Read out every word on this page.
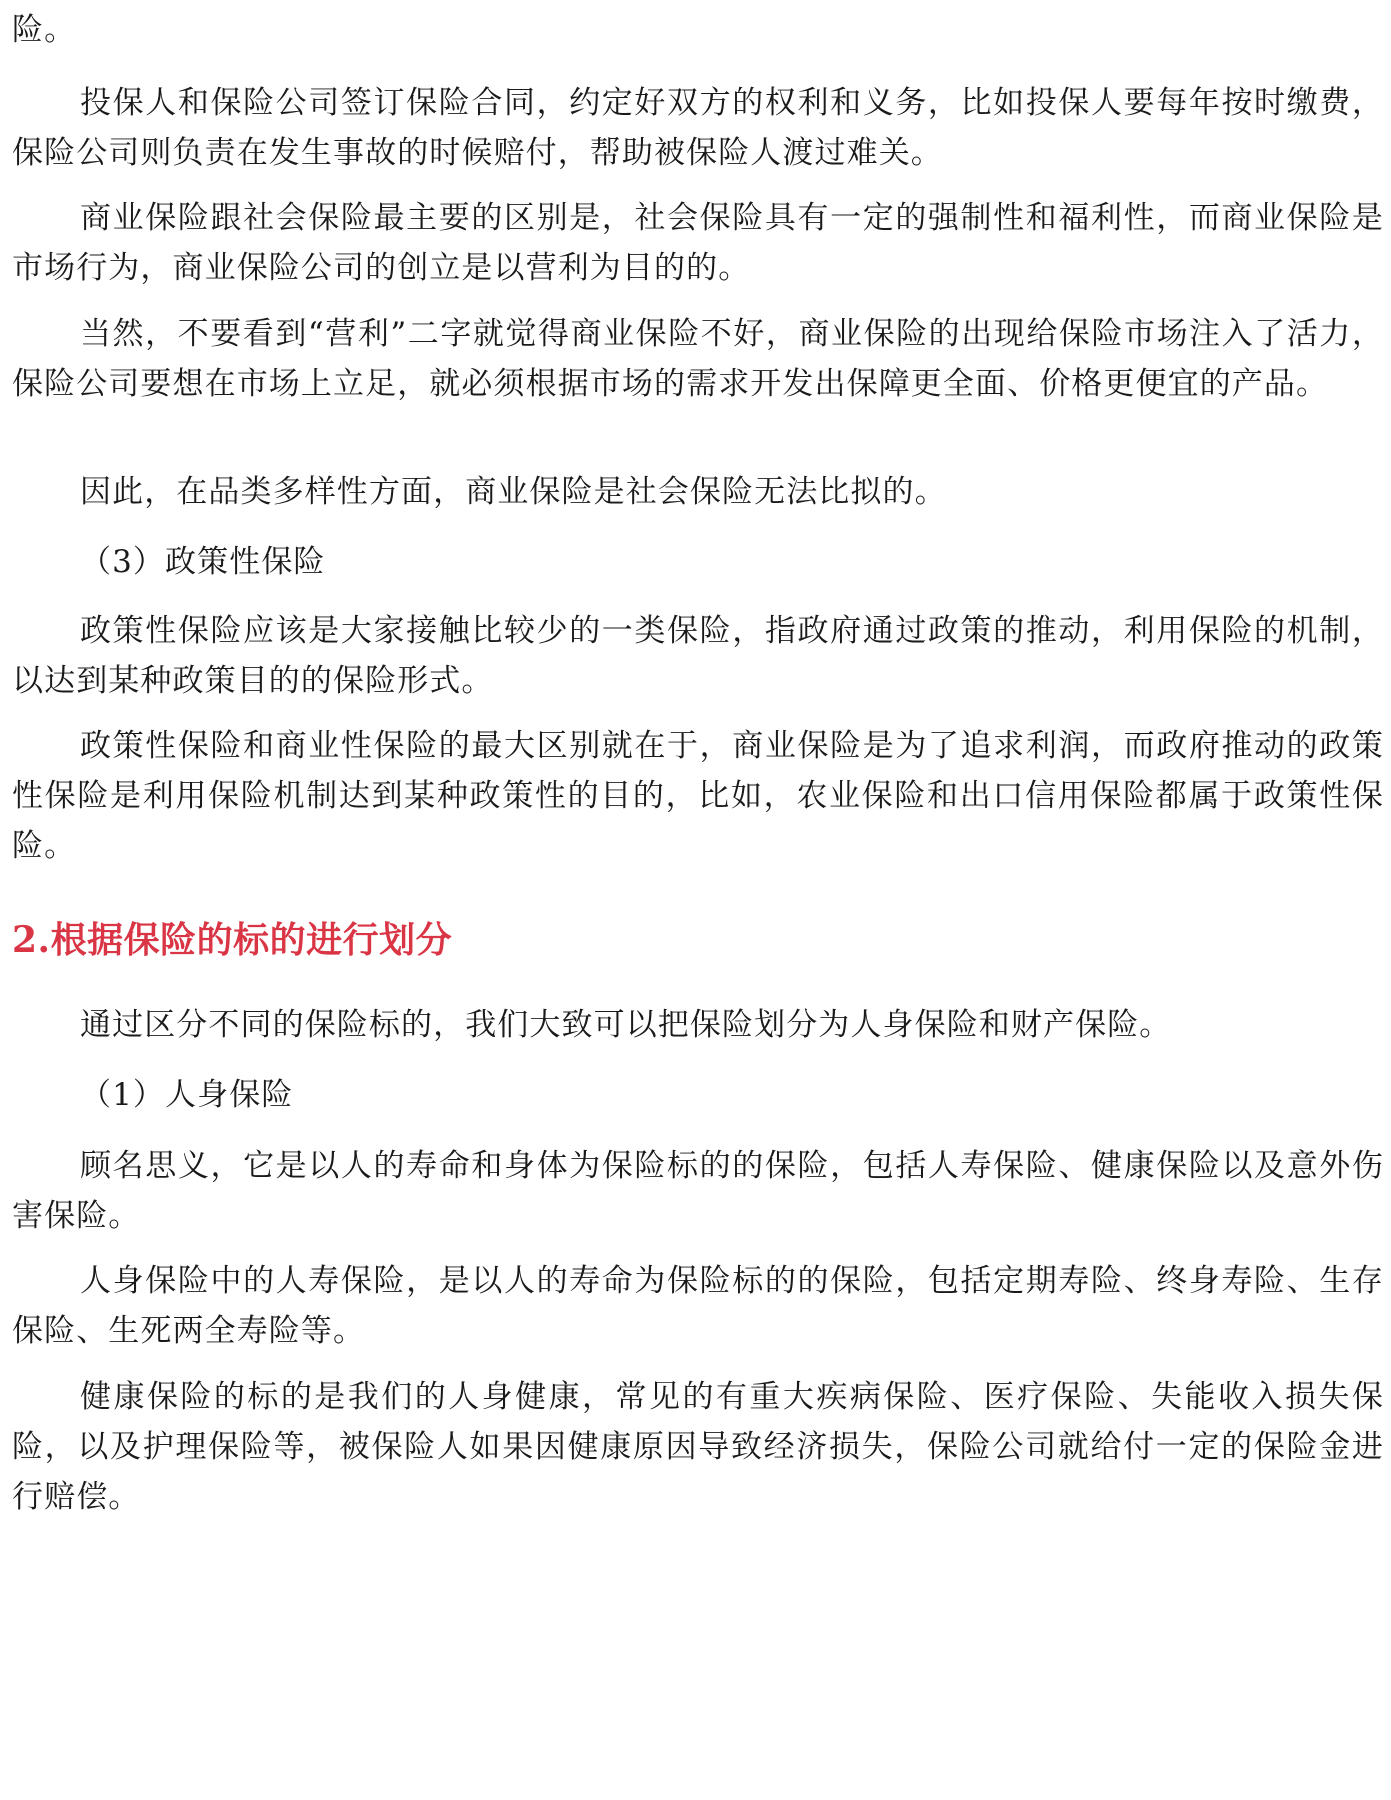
险。

投保人和保险公司签订保险合同，约定好双方的权利和义务，比如投保人要每年按时缴费，保险公司则负责在发生事故的时候赔付，帮助被保险人渡过难关。

商业保险跟社会保险最主要的区别是，社会保险具有一定的强制性和福利性，而商业保险是市场行为，商业保险公司的创立是以营利为目的的。

当然，不要看到“营利”二字就觉得商业保险不好，商业保险的出现给保险市场注入了活力，保险公司要想在市场上立足，就必须根据市场的需求开发出保障更全面、价格更便宜的产品。

因此，在品类多样性方面，商业保险是社会保险无法比拟的。

（3）政策性保险

政策性保险应该是大家接触比较少的一类保险，指政府通过政策的推动，利用保险的机制，以达到某种政策目的的保险形式。

政策性保险和商业性保险的最大区别就在于，商业保险是为了追求利润，而政府推动的政策性保险是利用保险机制达到某种政策性的目的，比如，农业保险和出口信用保险都属于政策性保险。

2.根据保险的标的进行划分

通过区分不同的保险标的，我们大致可以把保险划分为人身保险和财产保险。

（1）人身保险

顾名思义，它是以人的寿命和身体为保险标的的保险，包括人寿保险、健康保险以及意外伤害保险。

人身保险中的人寿保险，是以人的寿命为保险标的的保险，包括定期寿险、终身寿险、生存保险、生死两全寿险等。

健康保险的标的是我们的人身健康，常见的有重大疾病保险、医疗保险、失能收入损失保险，以及护理保险等，被保险人如果因健康原因导致经济损失，保险公司就给付一定的保险金进行赔偿。
